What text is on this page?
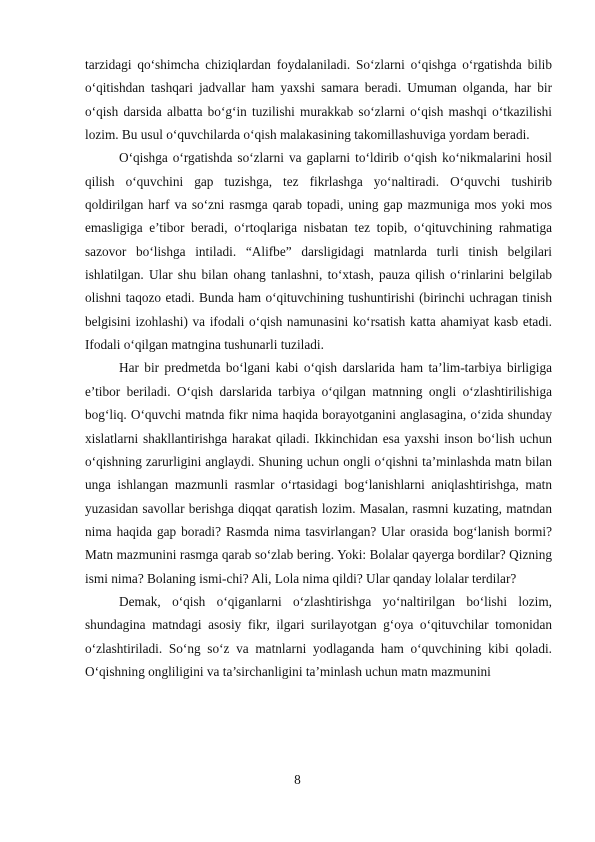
tarzidagi qo‘shimcha chiziqlardan foydalaniladi. So‘zlarni o‘qishga o‘rgatishda bilib o‘qitishdan tashqari jadvallar ham yaxshi samara beradi. Umuman olganda, har bir o‘qish darsida albatta bo‘g‘in tuzilishi murakkab so‘zlarni o‘qish mashqi o‘tkazilishi lozim. Bu usul o‘quvchilarda o‘qish malakasining takomillashuviga yordam beradi.

O‘qishga o‘rgatishda so‘zlarni va gaplarni to‘ldirib o‘qish ko‘nikmalarini hosil qilish o‘quvchini gap tuzishga, tez fikrlashga yo‘naltiradi. O‘quvchi tushirib qoldirilgan harf va so‘zni rasmga qarab topadi, uning gap mazmuniga mos yoki mos emasligiga e’tibor beradi, o‘rtoqlariga nisbatan tez topib, o‘qituvchining rahmatiga sazovor bo‘lishga intiladi. “Alifbe” darsligidagi matnlarda turli tinish belgilari ishlatilgan. Ular shu bilan ohang tanlashni, to‘xtash, pauza qilish o‘rinlarini belgilab olishni taqozo etadi. Bunda ham o‘qituvchining tushuntirishi (birinchi uchragan tinish belgisini izohlashi) va ifodali o‘qish namunasini ko‘rsatish katta ahamiyat kasb etadi. Ifodali o‘qilgan matngina tushunarli tuziladi.

Har bir predmetda bo‘lgani kabi o‘qish darslarida ham ta’lim-tarbiya birligiga e’tibor beriladi. O‘qish darslarida tarbiya o‘qilgan matnning ongli o‘zlashtirilishiga bog‘liq. O‘quvchi matnda fikr nima haqida borayotganini anglasagina, o‘zida shunday xislatlarni shakllantirishga harakat qiladi. Ikkinchidan esa yaxshi inson bo‘lish uchun o‘qishning zarurligini anglaydi. Shuning uchun ongli o‘qishni ta’minlashda matn bilan unga ishlangan mazmunli rasmlar o‘rtasidagi bog‘lanishlarni aniqlashtirishga, matn yuzasidan savollar berishga diqqat qaratish lozim. Masalan, rasmni kuzating, matndan nima haqida gap boradi? Rasmda nima tasvirlangan? Ular orasida bog‘lanish bormi? Matn mazmunini rasmga qarab so‘zlab bering. Yoki: Bolalar qayerga bordilar? Qizning ismi nima? Bolaning ismi-chi? Ali, Lola nima qildi? Ular qanday lolalar terdilar?

Demak, o‘qish o‘qiganlarni o‘zlashtirishga yo‘naltirilgan bo‘lishi lozim, shundagina matndagi asosiy fikr, ilgari surilayotgan g‘oya o‘qituvchilar tomonidan o‘zlashtiriladi. So‘ng so‘z va matnlarni yodlaganda ham o‘quvchining kibi qoladi. O‘qishning ongliligini va ta’sirchanligini ta’minlash uchun matn mazmunini

8
